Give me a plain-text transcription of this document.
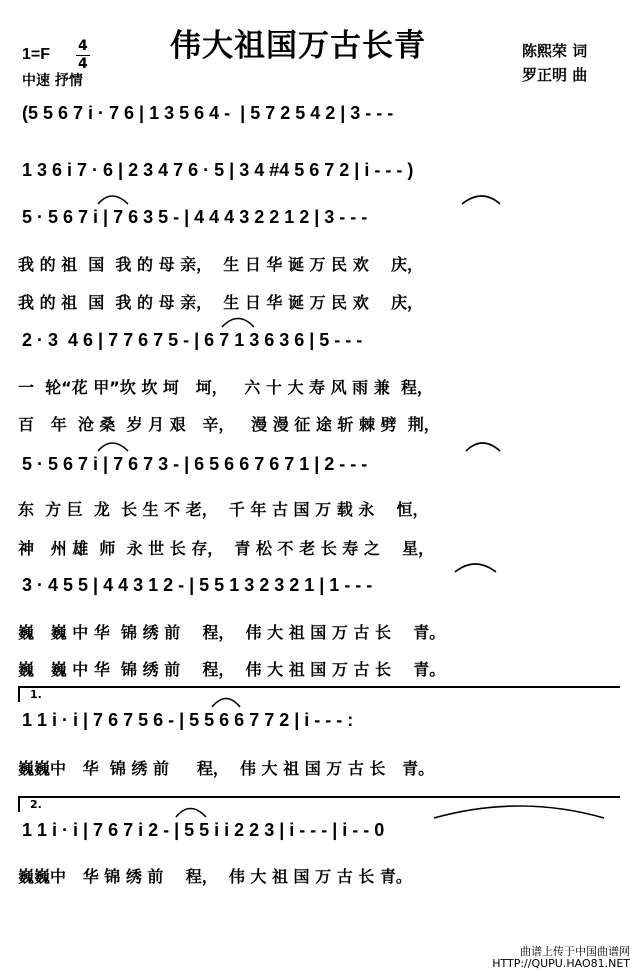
伟大祖国万古长青
1=F 4
4
中速 抒情
陈熙荣 词
罗正明 曲
(5 5 6 7 i · 7 6 | 1 3 5 6 4 -  | 5 7 2 5 4 2 | 3 - - -
1 3 6 i 7 · 6 | 2 3 4 7 6 · 5 | 3 4 #4 5 6 7 2 | i - - - )
5 · 5 6 7 i | 7 6 3 5 - | 4 4 4 3 2 2 1 2 | 3 - - -
2 · 3  4 6 | 7 7 6 7 5 - | 6 7 1 3 6 3 6 | 5 - - -
5 · 5 6 7 i | 7 6 7 3 - | 6 5 6 6 7 6 7 1 | 2 - - -
3 · 4 5 5 | 4 4 3 1 2 - | 5 5 1 3 2 3 2 1 | 1 - - -
1 1 i · i | 7 6 7 5 6 - | 5 5 6 6 7 7 2 | i - - - :
1 1 i · i | 7 6 7 i 2 - | 5 5 i i 2 2 3 | i - - - | i - - 0
我 的 祖  国  我 的 母 亲，  生 日 华 诞 万 民 欢    庆，
我 的 祖  国  我 的 母 亲，  生 日 华 诞 万 民 欢    庆，
一  轮“花 甲”坎 坎 坷   坷，   六 十 大 寿 风 雨 兼  程，
百   年  沧 桑  岁 月 艰   辛，   漫 漫 征 途 斩 棘 劈  荆，
东  方 巨  龙  长 生 不 老，  千 年 古 国 万 载 永    恒，
神   州 雄  师  永 世 长 存，  青 松 不 老 长 寿 之    星，
巍   巍 中 华  锦 绣 前    程，  伟 大 祖 国 万 古 长    青。
巍   巍 中 华  锦 绣 前    程，  伟 大 祖 国 万 古 长    青。
巍巍中   华  锦 绣 前     程，  伟 大 祖 国 万 古 长   青。
巍巍中   华 锦 绣 前    程，  伟 大 祖 国 万 古 长 青。
1.
2.
曲谱上传于中国曲谱网
HTTP://QUPU.HAO81.NET
